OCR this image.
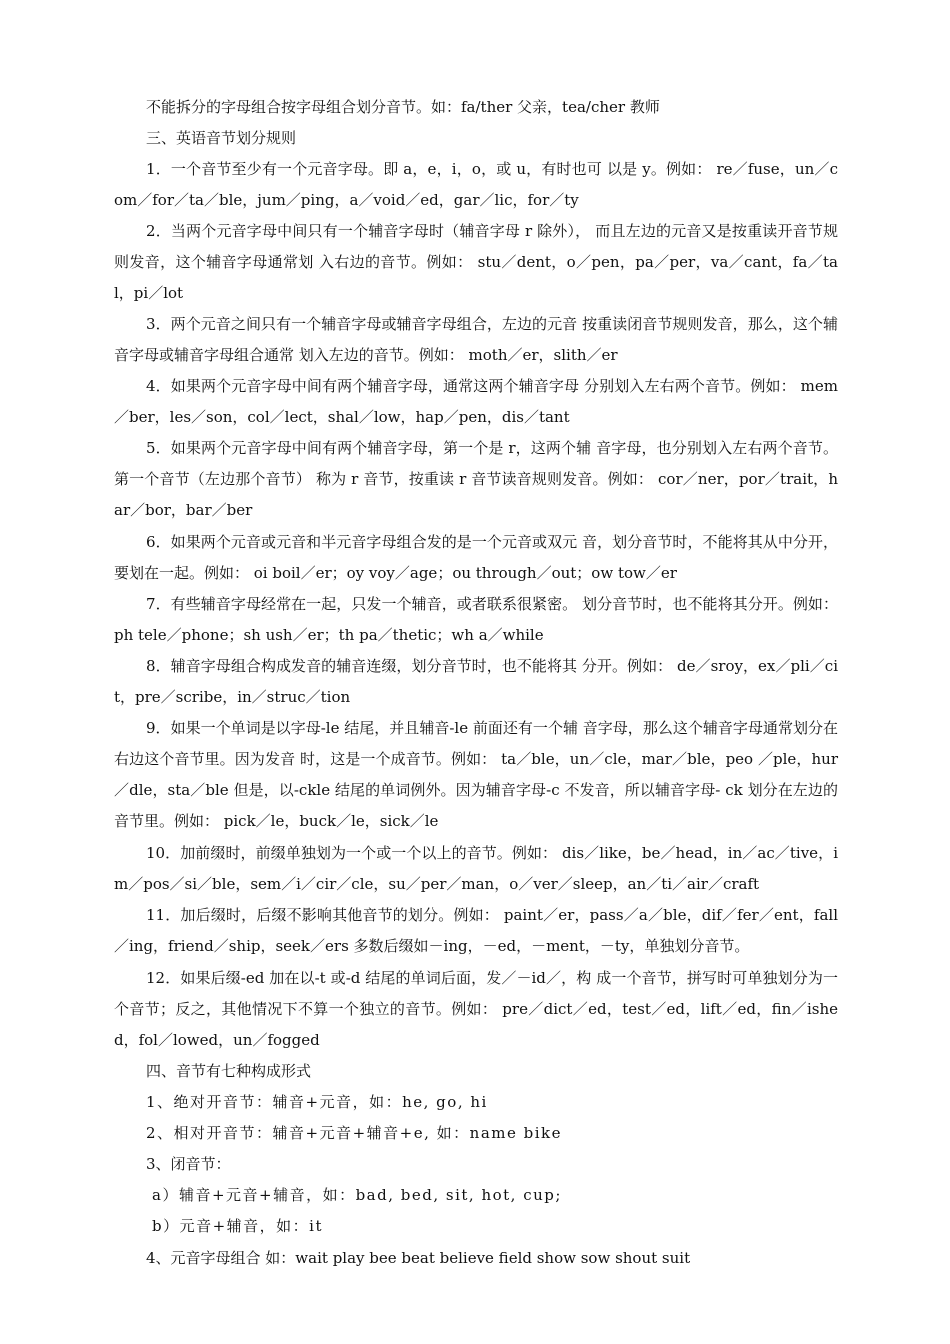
不能拆分的字母组合按字母组合划分音节。如：fa/ther 父亲，tea/cher 教师

三、英语音节划分规则

1．一个音节至少有一个元音字母。即 a，e，i，o，或 u，有时也可 以是 y。例如： re／fuse，un／com／for／ta／ble，jum／ping，a／void／ed，gar／lic，for／ty

2．当两个元音字母中间只有一个辅音字母时（辅音字母 r 除外）， 而且左边的元音又是按重读开音节规则发音，这个辅音字母通常划 入右边的音节。例如： stu／dent，o／pen，pa／per，va／cant，fa／tal，pi／lot

3．两个元音之间只有一个辅音字母或辅音字母组合，左边的元音 按重读闭音节规则发音，那么，这个辅音字母或辅音字母组合通常 划入左边的音节。例如： moth／er，slith／er

4．如果两个元音字母中间有两个辅音字母，通常这两个辅音字母 分别划入左右两个音节。例如： mem／ber，les／son，col／lect，shal／low，hap／pen，dis／tant

5．如果两个元音字母中间有两个辅音字母，第一个是 r，这两个辅 音字母，也分别划入左右两个音节。第一个音节（左边那个音节） 称为 r 音节，按重读 r 音节读音规则发音。例如： cor／ner，por／trait，har／bor，bar／ber

6．如果两个元音或元音和半元音字母组合发的是一个元音或双元 音，划分音节时，不能将其从中分开，要划在一起。例如： oi boil／er；oy voy／age；ou through／out；ow tow／er

7．有些辅音字母经常在一起，只发一个辅音，或者联系很紧密。 划分音节时，也不能将其分开。例如： ph tele／phone；sh ush／er；th pa／thetic；wh a／while

8．辅音字母组合构成发音的辅音连缀，划分音节时，也不能将其 分开。例如： de／sroy，ex／pli／cit，pre／scribe，in／struc／tion

9．如果一个单词是以字母-le 结尾，并且辅音-le 前面还有一个辅 音字母，那么这个辅音字母通常划分在右边这个音节里。因为发音 时，这是一个成音节。例如： ta／ble，un／cle，mar／ble，peo ／ple，hur／dle，sta／ble 但是，以-ckle 结尾的单词例外。因为辅音字母-c 不发音，所以辅音字母- ck 划分在左边的音节里。例如： pick／le，buck／le，sick／le

10．加前缀时，前缀单独划为一个或一个以上的音节。例如： dis／like，be／head，in／ac／tive，im／pos／si／ble，sem／i／cir／cle，su／per／man，o／ver／sleep，an／ti／air／craft

11．加后缀时，后缀不影响其他音节的划分。例如： paint／er，pass／a／ble，dif／fer／ent，fall／ing，friend／ship，seek／ers 多数后缀如－ing，－ed，－ment，－ty，单独划分音节。

12．如果后缀-ed 加在以-t 或-d 结尾的单词后面，发／－id／，构 成一个音节，拼写时可单独划分为一个音节；反之，其他情况下不算一个独立的音节。例如： pre／dict／ed，test／ed，lift／ed，fin／ished，fol／lowed，un／fogged

四、音节有七种构成形式

1、绝对开音节：辅音+元音，如：he, go, hi

2、相对开音节：辅音+元音+辅音+e, 如：name bike

3、闭音节：

a）辅音+元音+辅音，如：bad, bed, sit, hot, cup;

b）元音+辅音，如：it

4、元音字母组合 如：wait play bee beat believe field show sow shout suit
